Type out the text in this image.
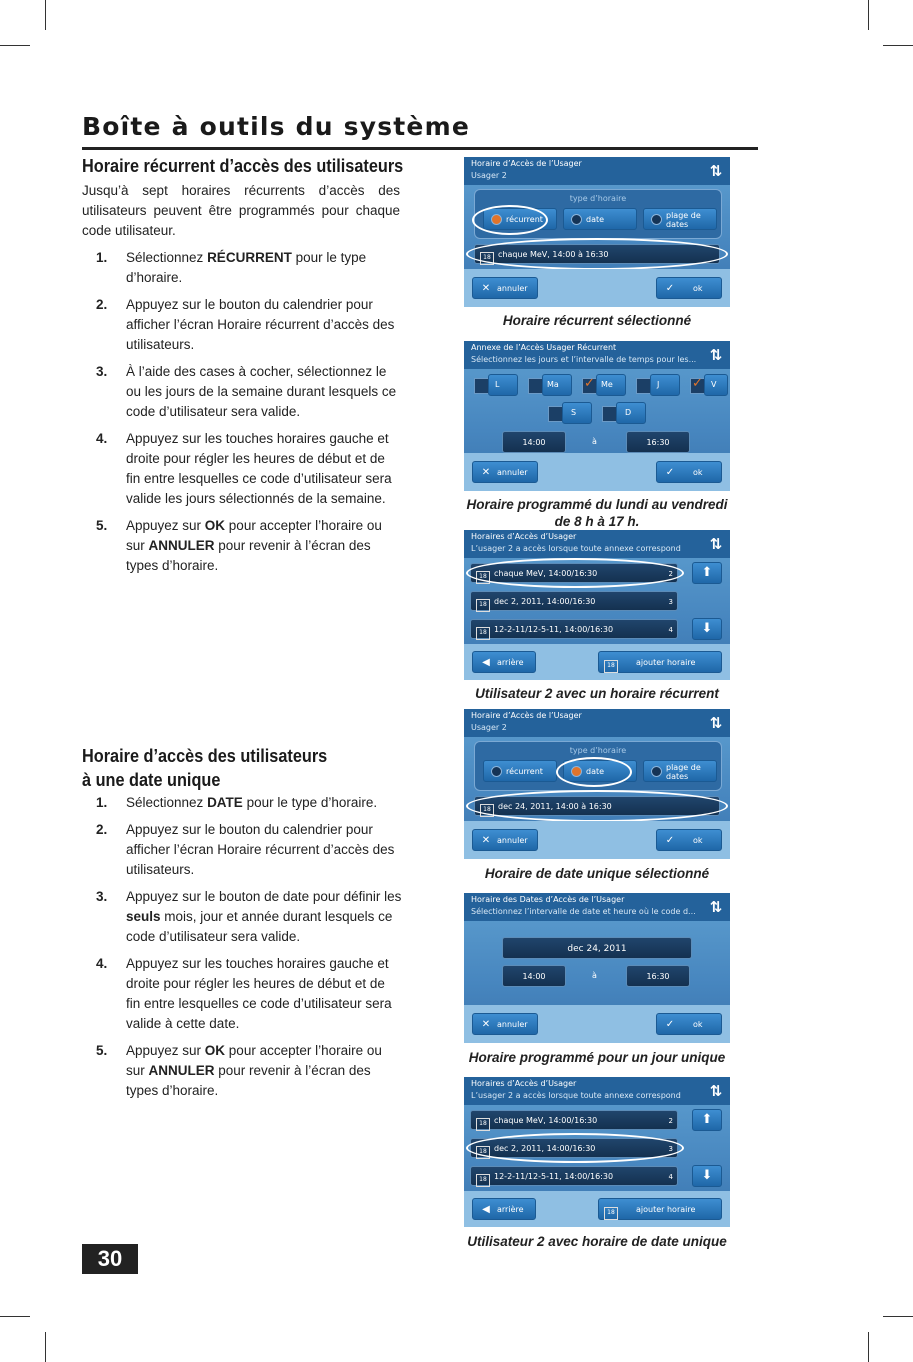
Boîte à outils du système
Horaire récurrent d’accès des utilisateurs
Jusqu’à sept horaires récurrents d’accès des utilisateurs peuvent être programmés pour chaque code utilisateur.
1. Sélectionnez RÉCURRENT pour le type d’horaire.
2. Appuyez sur le bouton du calendrier pour afficher l’écran Horaire récurrent d’accès des utilisateurs.
3. À l’aide des cases à cocher, sélectionnez le ou les jours de la semaine durant lesquels ce code d’utilisateur sera valide.
4. Appuyez sur les touches horaires gauche et droite pour régler les heures de début et de fin entre lesquelles ce code d’utilisateur sera valide les jours sélectionnés de la semaine.
5. Appuyez sur OK pour accepter l’horaire ou sur ANNULER pour revenir à l’écran des types d’horaire.
Horaire d’accès des utilisateurs
à une date unique
1. Sélectionnez DATE pour le type d’horaire.
2. Appuyez sur le bouton du calendrier pour afficher l’écran Horaire récurrent d’accès des utilisateurs.
3. Appuyez sur le bouton de date pour définir les seuls mois, jour et année durant lesquels ce code d’utilisateur sera valide.
4. Appuyez sur les touches horaires gauche et droite pour régler les heures de début et de fin entre lesquelles ce code d’utilisateur sera valide à cette date.
5. Appuyez sur OK pour accepter l’horaire ou sur ANNULER pour revenir à l’écran des types d’horaire.
Horaire d’Accès de l’Usager
Usager 2	⇅
type d’horaire
récurrent	date	plage de
dates
18 chaque MeV, 14:00 à 16:30
✕ annuler	✓ ok
Horaire récurrent sélectionné
Annexe de l’Accès Usager Récurrent
Sélectionnez les jours et l’intervalle de temps pour les... ⇅
L	Ma ✓	Me	J ✓	V
S	D
14:00	à	16:30
✕ annuler	✓ ok
Horaire programmé du lundi au vendredi de 8 h à 17 h.
Horaires d’Accès d’Usager
L’usager 2 a accès lorsque toute annexe correspond	⇅
18 chaque MeV, 14:00/16:30	2
18 dec 2, 2011, 14:00/16:30	3
18 12-2-11/12-5-11, 14:00/16:30	4
⬆
⬇
◀ arrière	18	ajouter horaire
Utilisateur 2 avec un horaire récurrent
Horaire d’Accès de l’Usager
Usager 2	⇅
type d’horaire
récurrent	date	plage de
dates
18 dec 24, 2011, 14:00 à 16:30
✕ annuler	✓ ok
Horaire de date unique sélectionné
Horaire des Dates d’Accès de l’Usager
Sélectionnez l’intervalle de date et heure où le code d... ⇅
dec 24, 2011
14:00	à	16:30
✕ annuler	✓ ok
Horaire programmé pour un jour unique
Horaires d’Accès d’Usager
L’usager 2 a accès lorsque toute annexe correspond	⇅
18 chaque MeV, 14:00/16:30	2
18 dec 2, 2011, 14:00/16:30	3
18 12-2-11/12-5-11, 14:00/16:30	4
⬆
⬇
◀ arrière	18	ajouter horaire
Utilisateur 2 avec horaire de date unique
30
